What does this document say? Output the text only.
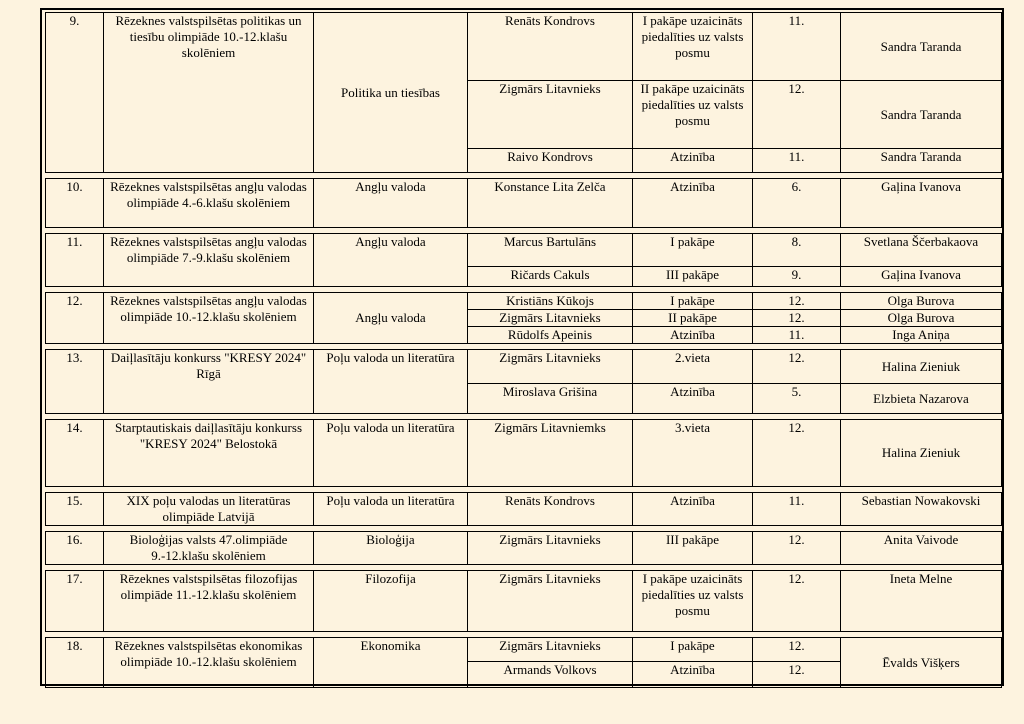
9.	Rēzeknes valstspilsētas politikas un tiesību olimpiāde 10.-12.klašu skolēniem	Politika un tiesības	Renāts Kondrovs	I pakāpe uzaicināts piedalīties uz valsts posmu	11.	Sandra Taranda
			Zigmārs Litavnieks	II pakāpe uzaicināts piedalīties uz valsts posmu	12.	Sandra Taranda
			Raivo Kondrovs	Atzinība	11.	Sandra Taranda

10.	Rēzeknes valstspilsētas angļu valodas olimpiāde 4.-6.klašu skolēniem	Angļu valoda	Konstance Lita Zelča	Atzinība	6.	Gaļina Ivanova

11.	Rēzeknes valstspilsētas angļu valodas olimpiāde 7.-9.klašu skolēniem	Angļu valoda	Marcus Bartulāns	I pakāpe	8.	Svetlana Ščerbakaova
			Ričards Cakuls	III pakāpe	9.	Gaļina Ivanova

12.	Rēzeknes valstspilsētas angļu valodas olimpiāde 10.-12.klašu skolēniem	Angļu valoda	Kristiāns Kūkojs	I pakāpe	12.	Olga Burova
			Zigmārs Litavnieks	II pakāpe	12.	Olga Burova
			Rūdolfs Apeinis	Atzinība	11.	Inga Aniņa

13.	Daiļlasītāju konkurss "KRESY 2024" Rīgā	Poļu valoda un literatūra	Zigmārs Litavnieks	2.vieta	12.	Halina Zieniuk
			Miroslava Grišina	Atzinība	5.	Elzbieta Nazarova

14.	Starptautiskais daiļlasītāju konkurss "KRESY 2024" Belostokā	Poļu valoda un literatūra	Zigmārs Litavniemks	3.vieta	12.	Halina Zieniuk

15.	XIX poļu valodas un literatūras olimpiāde Latvijā	Poļu valoda un literatūra	Renāts Kondrovs	Atzinība	11.	Sebastian Nowakovski

16.	Bioloģijas valsts 47.olimpiāde 9.-12.klašu skolēniem	Bioloģija	Zigmārs Litavnieks	III pakāpe	12.	Anita Vaivode

17.	Rēzeknes valstspilsētas filozofijas olimpiāde 11.-12.klašu skolēniem	Filozofija	Zigmārs Litavnieks	I pakāpe uzaicināts piedalīties uz valsts posmu	12.	Ineta Melne

18.	Rēzeknes valstspilsētas ekonomikas olimpiāde 10.-12.klašu skolēniem	Ekonomika	Zigmārs Litavnieks	I pakāpe	12.	Ēvalds Višķers
			Armands Volkovs	Atzinība	12.	
